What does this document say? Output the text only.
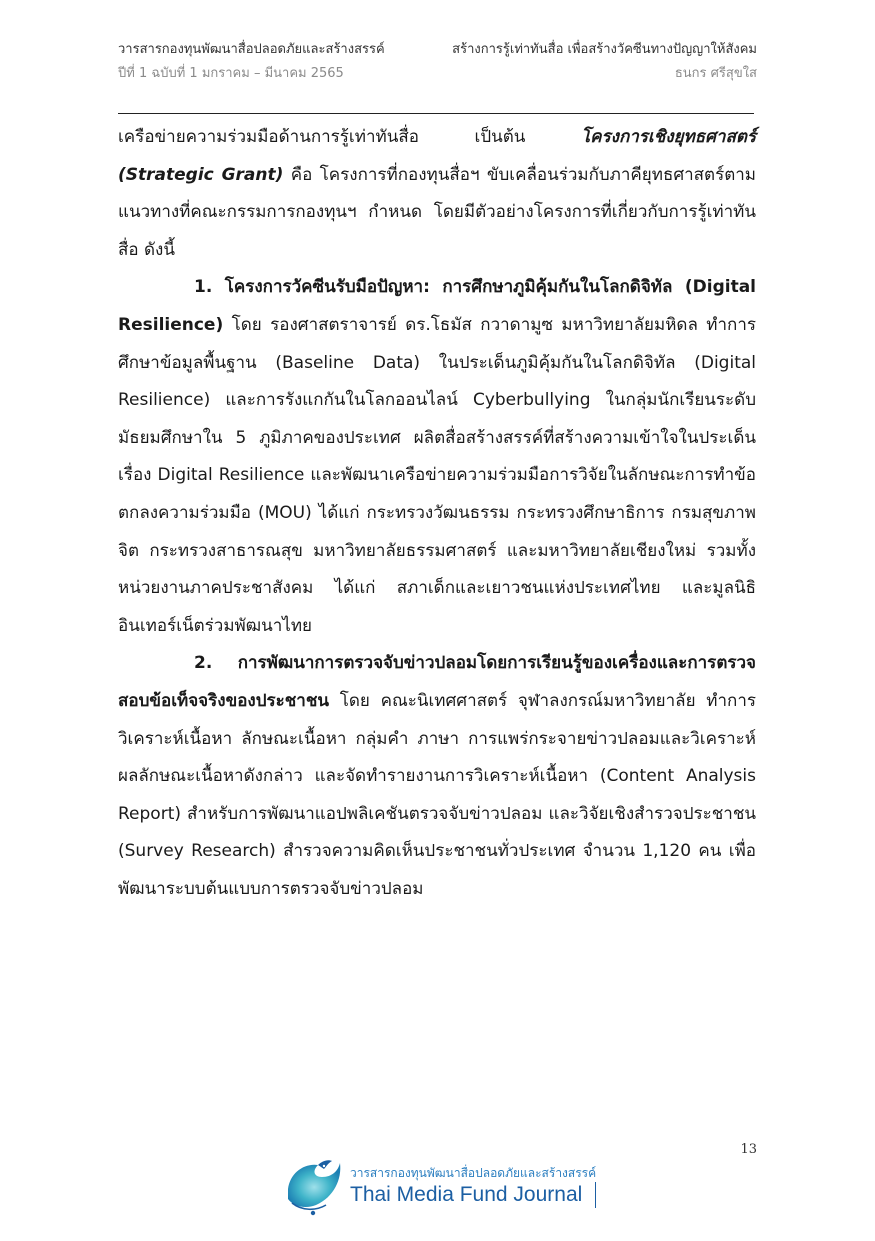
วารสารกองทุนพัฒนาสื่อปลอดภัยและสร้างสรรค์	สร้างการรู้เท่าทันสื่อ เพื่อสร้างวัคซีนทางปัญญาให้สังคม
ปีที่ 1 ฉบับที่ 1 มกราคม – มีนาคม 2565	ธนกร ศรีสุขใส

เครือข่ายความร่วมมือด้านการรู้เท่าทันสื่อ เป็นต้น โครงการเชิงยุทธศาสตร์ (Strategic Grant) คือ โครงการที่กองทุนสื่อฯ ขับเคลื่อนร่วมกับภาคียุทธศาสตร์ตามแนวทางที่คณะกรรมการกองทุนฯ กำหนด โดยมีตัวอย่างโครงการที่เกี่ยวกับการรู้เท่าทันสื่อ ดังนี้

1. โครงการวัคซีนรับมือปัญหา: การศึกษาภูมิคุ้มกันในโลกดิจิทัล (Digital Resilience) โดย รองศาสตราจารย์ ดร.โธมัส กวาดามูซ มหาวิทยาลัยมหิดล ทำการศึกษาข้อมูลพื้นฐาน (Baseline Data) ในประเด็นภูมิคุ้มกันในโลกดิจิทัล (Digital Resilience) และการรังแกกันในโลกออนไลน์ Cyberbullying ในกลุ่มนักเรียนระดับมัธยมศึกษาใน 5 ภูมิภาคของประเทศ ผลิตสื่อสร้างสรรค์ที่สร้างความเข้าใจในประเด็นเรื่อง Digital Resilience และพัฒนาเครือข่ายความร่วมมือการวิจัยในลักษณะการทำข้อตกลงความร่วมมือ (MOU) ได้แก่ กระทรวงวัฒนธรรม กระทรวงศึกษาธิการ กรมสุขภาพจิต กระทรวงสาธารณสุข มหาวิทยาลัยธรรมศาสตร์ และมหาวิทยาลัยเชียงใหม่ รวมทั้งหน่วยงานภาคประชาสังคม ได้แก่ สภาเด็กและเยาวชนแห่งประเทศไทย และมูลนิธิอินเทอร์เน็ตร่วมพัฒนาไทย

2. การพัฒนาการตรวจจับข่าวปลอมโดยการเรียนรู้ของเครื่องและการตรวจสอบข้อเท็จจริงของประชาชน โดย คณะนิเทศศาสตร์ จุฬาลงกรณ์มหาวิทยาลัย ทำการวิเคราะห์เนื้อหา ลักษณะเนื้อหา กลุ่มคำ ภาษา การแพร่กระจายข่าวปลอมและวิเคราะห์ผลลักษณะเนื้อหาดังกล่าว และจัดทำรายงานการวิเคราะห์เนื้อหา (Content Analysis Report) สำหรับการพัฒนาแอปพลิเคชันตรวจจับข่าวปลอม และวิจัยเชิงสำรวจประชาชน (Survey Research) สำรวจความคิดเห็นประชาชนทั่วประเทศ จำนวน 1,120 คน เพื่อพัฒนาระบบต้นแบบการตรวจจับข่าวปลอม

13
วารสารกองทุนพัฒนาสื่อปลอดภัยและสร้างสรรค์
Thai Media Fund Journal
